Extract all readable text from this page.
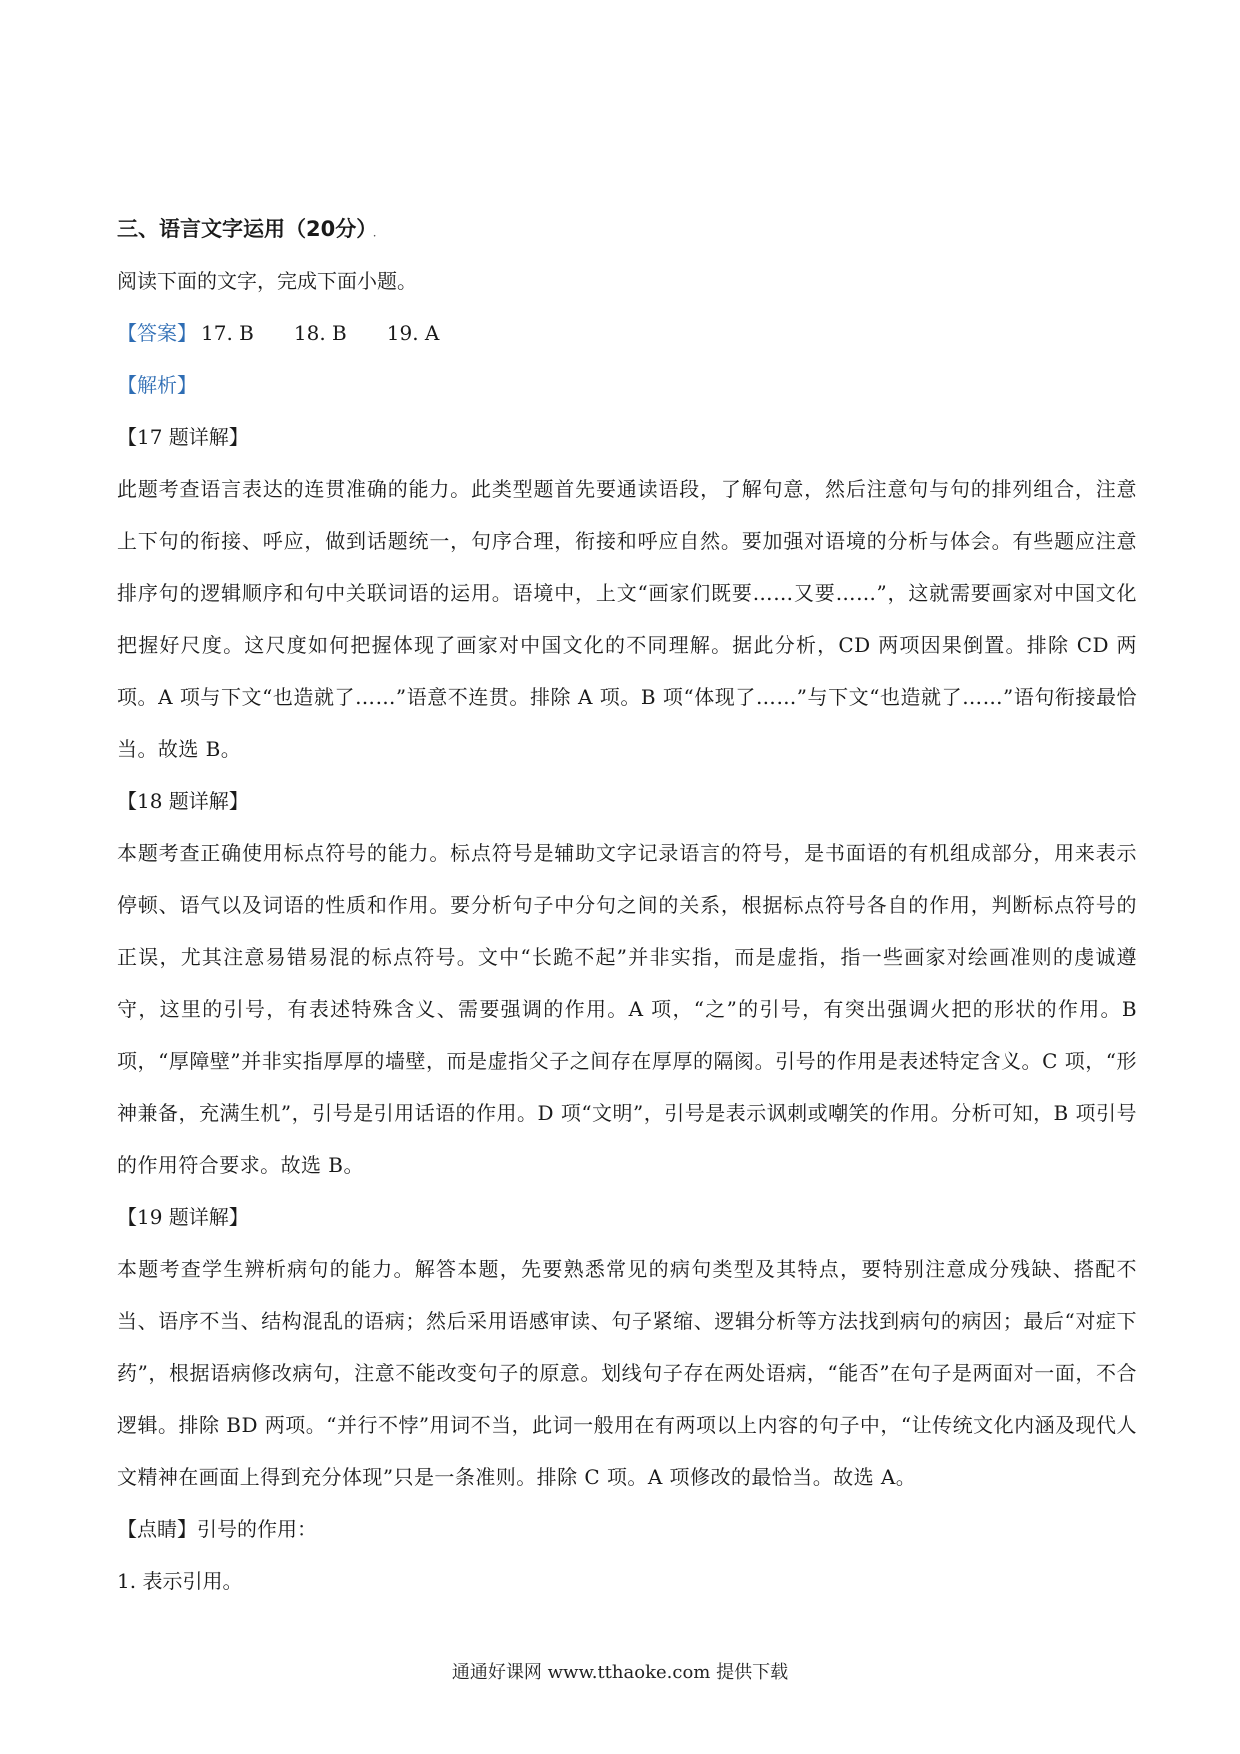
三、语言文字运用（20分） ．
阅读下面的文字，完成下面小题。
【答案】 17. B 18. B 19. A
【解析】
【17 题详解】
此题考查语言表达的连贯准确的能力。此类型题首先要通读语段，了解句意，然后注意句与句的排列组合，注意上下句的衔接、呼应，做到话题统一，句序合理，衔接和呼应自然。要加强对语境的分析与体会。有些题应注意排序句的逻辑顺序和句中关联词语的运用。语境中，上文“画家们既要……又要……”，这就需要画家对中国文化把握好尺度。这尺度如何把握体现了画家对中国文化的不同理解。据此分析，CD 两项因果倒置。排除 CD 两项。A 项与下文“也造就了……”语意不连贯。排除 A 项。B 项“体现了……”与下文“也造就了……”语句衔接最恰当。故选 B。
【18 题详解】
本题考查正确使用标点符号的能力。标点符号是辅助文字记录语言的符号，是书面语的有机组成部分，用来表示停顿、语气以及词语的性质和作用。要分析句子中分句之间的关系，根据标点符号各自的作用，判断标点符号的正误，尤其注意易错易混的标点符号。文中“长跪不起”并非实指，而是虚指，指一些画家对绘画准则的虔诚遵守，这里的引号，有表述特殊含义、需要强调的作用。A 项，“之”的引号，有突出强调火把的形状的作用。B 项，“厚障壁”并非实指厚厚的墙壁，而是虚指父子之间存在厚厚的隔阂。引号的作用是表述特定含义。C 项，“形神兼备，充满生机”，引号是引用话语的作用。D 项“文明”，引号是表示讽刺或嘲笑的作用。分析可知，B 项引号的作用符合要求。故选 B。
【19 题详解】
本题考查学生辨析病句的能力。解答本题，先要熟悉常见的病句类型及其特点，要特别注意成分残缺、搭配不当、语序不当、结构混乱的语病；然后采用语感审读、句子紧缩、逻辑分析等方法找到病句的病因；最后“对症下药”，根据语病修改病句，注意不能改变句子的原意。划线句子存在两处语病，“能否”在句子是两面对一面，不合逻辑。排除 BD 两项。“并行不悖”用词不当，此词一般用在有两项以上内容的句子中，“让传统文化内涵及现代人文精神在画面上得到充分体现”只是一条准则。排除 C 项。A 项修改的最恰当。故选 A。
【点睛】引号的作用：
1. 表示引用。
通通好课网 www.tthaoke.com 提供下载
